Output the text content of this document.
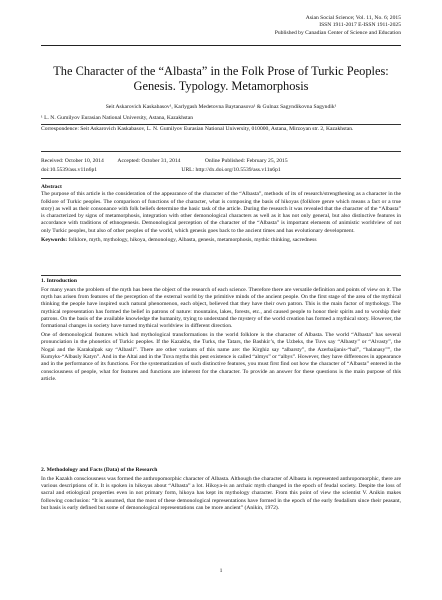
Asian Social Science; Vol. 11, No. 6; 2015
ISSN 1911-2017 E-ISSN 1911-2025
Published by Canadian Center of Science and Education
The Character of the “Albasta” in the Folk Prose of Turkic Peoples:
Genesis. Typology. Metamorphosis
Seit Askarovich Kaskabasov¹, Karlygash Medetovna Baytanasova¹ & Gulnaz Sagyndikovna Sagyndik¹
¹ L. N. Gumilyov Eurasian National University, Astana, Kazakhstan
Correspondence: Seit Askarovich Kaskabasov, L. N. Gumilyov Eurasian National University, 010000, Astana, Mirzoyan str. 2, Kazakhstan.
Received: October 10, 2014 Accepted: October 31, 2014	Online Published: February 25, 2015
doi:10.5539/ass.v11n6p1	URL: http://dx.doi.org/10.5539/ass.v11n6p1
Abstract
The purpose of this article is the consideration of the appearance of the character of the “Albasta”, methods of its of research/strengthening as a character in the folklore of Turkic peoples. The comparison of functions of the character, what is composing the basis of hikoyas (folklore genre which means a fact or a true story) as well as their consonance with folk beliefs determine the basic task of the article. During the research it was revealed that the character of the “Albasta” is characterized by signs of metamorphosis, integration with other demonological characters as well as it has not only general, but also distinctive features in accordance with traditions of ethnogenesis. Demonological perception of the character of the “Albasta” is important elements of animistic worldview of not only Turkic peoples, but also of other peoples of the world, which genesis goes back to the ancient times and has evolutionary development.
Keywords: folklore, myth, mythology, hikoya, demonology, Albasta, genesis, metamorphosis, mythic thinking, sacredness

1. Introduction

For many years the problem of the myth has been the object of the research of each science. Therefore there are versatile definition and points of view on it. The myth has arisen from features of the perception of the external world by the primitive minds of the ancient people. On the first stage of the area of the mythical thinking the people have inspired such natural phenomenon, each object, believed that they have their own patron. This is the main factor of mythology. The mythical representation has formed the belief in patrons of nature: mountains, lakes, forests, etc., and caused people to honor their spirits and to worship their patrons. On the basis of the available knowledge the humanity, trying to understand the mystery of the world creation has formed a mythical story. However, the formational changes in society have turned mythical worldview in different direction.

One of demonological features which had mythological transformations in the world folklore is the character of Albasta. The world “Albasta” has several pronunciation in the phonetics of Turkic peoples. If the Kazakhs, the Turks, the Tatars, the Bashkir’s, the Uzbeks, the Tuvs say “Albasty” or “Alvasty”, the Nogai and the Karakalpak say “Albasli”. There are other variants of this name are: the Kirghiz say “albarsty”, the Azerbaijanis-“hal”, “halanasy””, the Kumyks-“Albasly Katyn”. And in the Altai and in the Tuva myths this pest existence is called “almys” or “albys”. However, they have differences in appearance and in the performance of its functions. For the systematization of such distinctive features, you must first find out how the character of “Albasta” entered in the consciousness of people, what for features and functions are inherent for the character. To provide an answer for these questions is the main purpose of this article.

2. Methodology and Facts (Data) of the Research

In the Kazakh consciousness was formed the anthropomorphic character of Albasta. Although the character of Albasta is represented anthropomorphic, there are various descriptions of it. It is spoken in hikoyas about “Albasta” a lot. Hikoya-is an archaic myth changed in the epoch of feudal society. Despite the loss of sacral and etiological properties even in not primary form, hikoya has kept its mythology character. From this point of view the scientist V. Anikin makes following conclusion: “It is assumed, that the most of these demonological representations have formed in the epoch of the early feudalism since their peasant, but basis is early defined but some of demonological representations can be more ancient” (Anikin, 1972).

1
